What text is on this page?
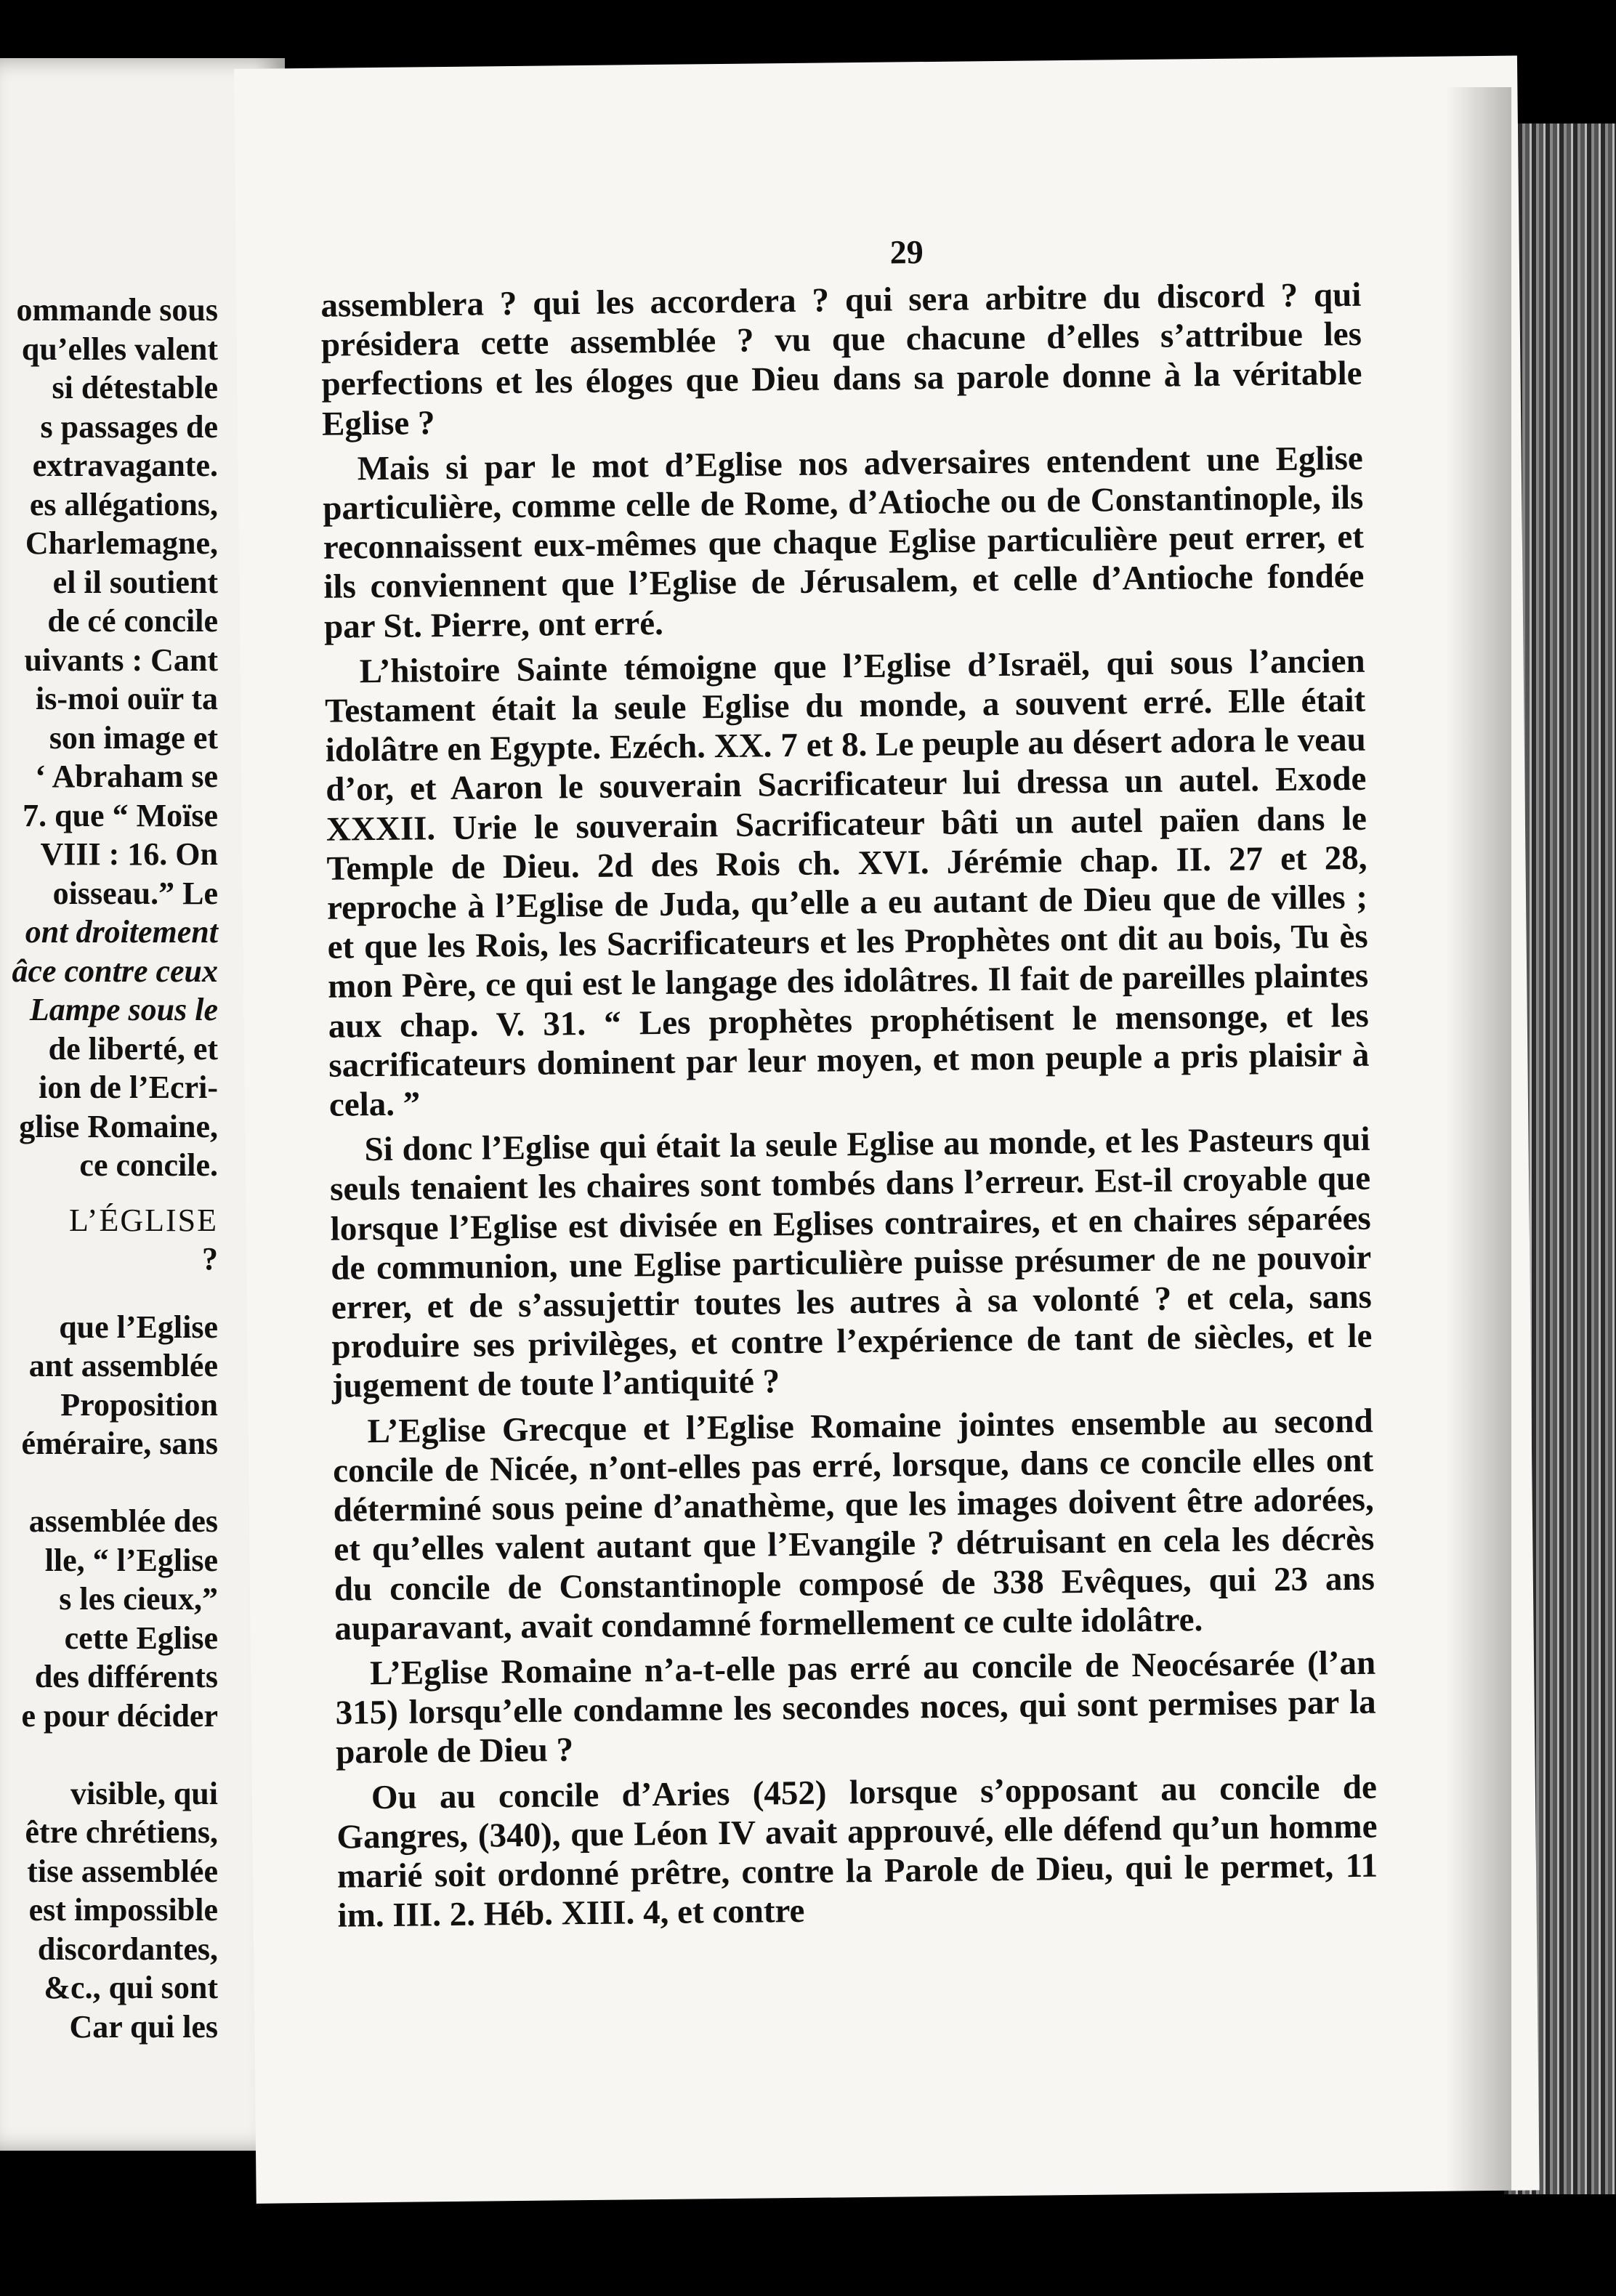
ommande sous
qu’elles valent
si détestable
s passages de
extravagante.
es allégations,
Charlemagne,
el il soutient
de cé concile
uivants : Cant
is-moi ouïr ta
son image et
‘ Abraham se
7. que “ Moïse
VIII : 16. On
oisseau.” Le
ont droitement
âce contre ceux
Lampe sous le
de liberté, et
ion de l’Ecri-
glise Romaine,
ce concile.
L’ÉGLISE
?
que l’Eglise
ant assemblée
Proposition
éméraire, sans

assemblée des
lle, “ l’Eglise
s les cieux,”
cette Eglise
des différents
e pour décider

visible, qui
être chrétiens,
tise assemblée
est impossible
discordantes,
&c., qui sont
Car qui les
29

assemblera ? qui les accordera ? qui sera arbitre du discord ? qui présidera cette assemblée ? vu que chacune d’elles s’attribue les perfections et les éloges que Dieu dans sa parole donne à la véritable Eglise ?

Mais si par le mot d’Eglise nos adversaires entendent une Eglise particulière, comme celle de Rome, d’Atioche ou de Constantinople, ils reconnaissent eux-mêmes que chaque Eglise particulière peut errer, et ils conviennent que l’Eglise de Jérusalem, et celle d’Antioche fondée par St. Pierre, ont erré.

L’histoire Sainte témoigne que l’Eglise d’Israël, qui sous l’ancien Testament était la seule Eglise du monde, a souvent erré. Elle était idolâtre en Egypte. Ezéch. XX. 7 et 8. Le peuple au désert adora le veau d’or, et Aaron le souverain Sacrificateur lui dressa un autel. Exode XXXII. Urie le souverain Sacrificateur bâti un autel païen dans le Temple de Dieu. 2d des Rois ch. XVI. Jérémie chap. II. 27 et 28, reproche à l’Eglise de Juda, qu’elle a eu autant de Dieu que de villes ; et que les Rois, les Sacrificateurs et les Prophètes ont dit au bois, Tu ès mon Père, ce qui est le langage des idolâtres. Il fait de pareilles plaintes aux chap. V. 31. “ Les prophètes prophétisent le mensonge, et les sacrificateurs dominent par leur moyen, et mon peuple a pris plaisir à cela. ”

Si donc l’Eglise qui était la seule Eglise au monde, et les Pasteurs qui seuls tenaient les chaires sont tombés dans l’erreur. Est-il croyable que lorsque l’Eglise est divisée en Eglises contraires, et en chaires séparées de communion, une Eglise particulière puisse présumer de ne pouvoir errer, et de s’assujettir toutes les autres à sa volonté ? et cela, sans produire ses privilèges, et contre l’expérience de tant de siècles, et le jugement de toute l’antiquité ?

L’Eglise Grecque et l’Eglise Romaine jointes ensemble au second concile de Nicée, n’ont-elles pas erré, lorsque, dans ce concile elles ont déterminé sous peine d’anathème, que les images doivent être adorées, et qu’elles valent autant que l’Evangile ? détruisant en cela les décrès du concile de Constantinople composé de 338 Evêques, qui 23 ans auparavant, avait condamné formellement ce culte idolâtre.

L’Eglise Romaine n’a-t-elle pas erré au concile de Neocésarée (l’an 315) lorsqu’elle condamne les secondes noces, qui sont permises par la parole de Dieu ?

Ou au concile d’Aries (452) lorsque s’opposant au concile de Gangres, (340), que Léon IV avait approuvé, elle défend qu’un homme marié soit ordonné prêtre, contre la Parole de Dieu, qui le permet, 11 im. III. 2. Héb. XIII. 4, et contre
